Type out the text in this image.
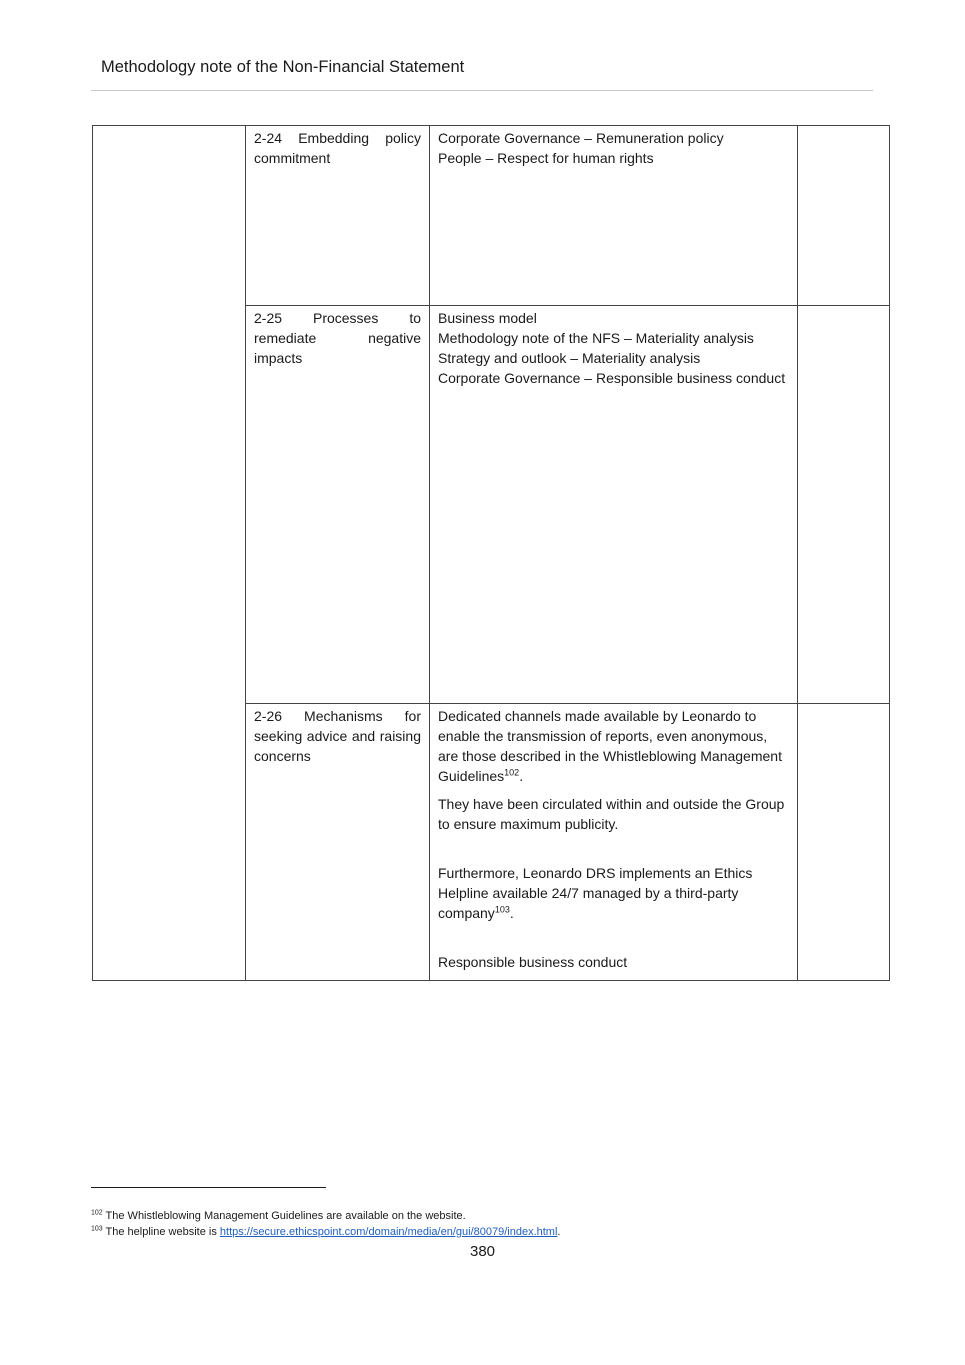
Methodology note of the Non-Financial Statement

	2-24 Embedding policy commitment	Corporate Governance – Remuneration policy
People – Respect for human rights	

	2-25 Processes to remediate negative impacts	Business model
Methodology note of the NFS – Materiality analysis
Strategy and outlook – Materiality analysis
Corporate Governance – Responsible business conduct	

	2-26 Mechanisms for seeking advice and raising concerns	Dedicated channels made available by Leonardo to enable the transmission of reports, even anonymous, are those described in the Whistleblowing Management Guidelines$^{102}$.

They have been circulated within and outside the Group to ensure maximum publicity.

Furthermore, Leonardo DRS implements an Ethics Helpline available 24/7 managed by a third-party company$^{103}$.

Responsible business conduct	

$^{102}$ The Whistleblowing Management Guidelines are available on the website.
$^{103}$ The helpline website is https://secure.ethicspoint.com/domain/media/en/gui/80079/index.html.
380
